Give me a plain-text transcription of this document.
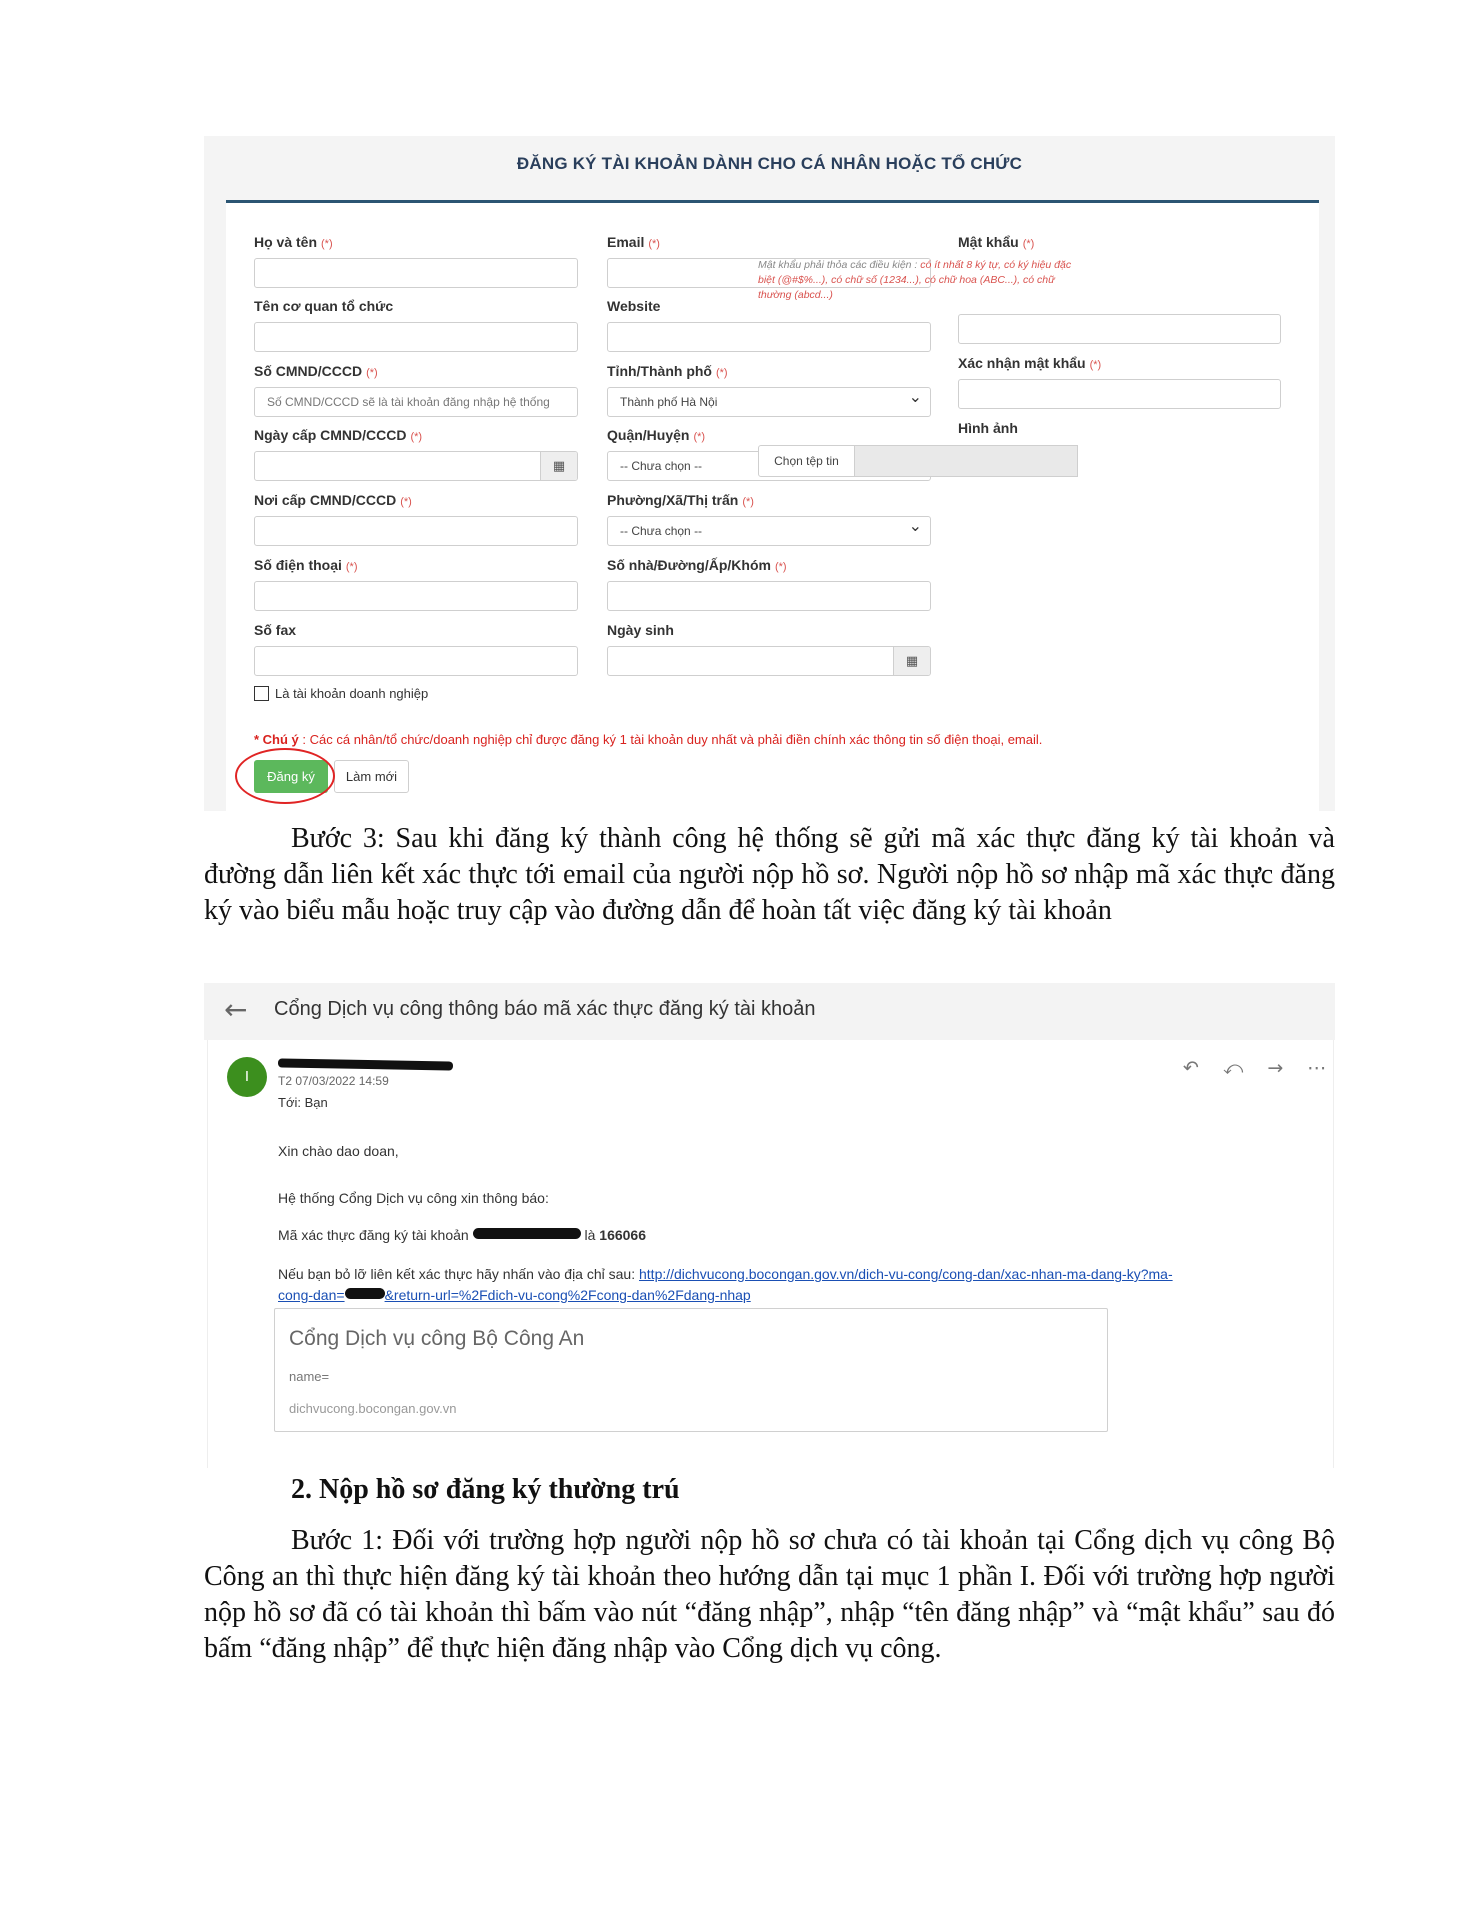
ĐĂNG KÝ TÀI KHOẢN DÀNH CHO CÁ NHÂN HOẶC TỔ CHỨC
Họ và tên (*)
Tên cơ quan tổ chức
Số CMND/CCCD (*)
Số CMND/CCCD sẽ là tài khoản đăng nhập hệ thống
Ngày cấp CMND/CCCD (*)
▦
Nơi cấp CMND/CCCD (*)
Số điện thoại (*)
Số fax
Email (*)
Website
Tỉnh/Thành phố (*)
Thành phố Hà Nội ⌄
Quận/Huyện (*)
-- Chưa chọn -- ⌄
Phường/Xã/Thị trấn (*)
-- Chưa chọn -- ⌄
Số nhà/Đường/Ấp/Khóm (*)
Ngày sinh
▦
Mật khẩu (*)
Mật khẩu phải thỏa các điều kiện : có ít nhất 8 ký tự, có ký hiệu đặc biệt (@#$%...), có chữ số (1234...), có chữ hoa (ABC...), có chữ thường (abcd...)
Xác nhận mật khẩu (*)
Hình ảnh
Chọn tệp tin
Là tài khoản doanh nghiệp
* Chú ý : Các cá nhân/tổ chức/doanh nghiệp chỉ được đăng ký 1 tài khoản duy nhất và phải điền chính xác thông tin số điện thoại, email.
Đăng ký	Làm mới
Bước 3: Sau khi đăng ký thành công hệ thống sẽ gửi mã xác thực đăng ký tài khoản và đường dẫn liên kết xác thực tới email của người nộp hồ sơ. Người nộp hồ sơ nhập mã xác thực đăng ký vào biểu mẫu hoặc truy cập vào đường dẫn để hoàn tất việc đăng ký tài khoản
← Cổng Dịch vụ công thông báo mã xác thực đăng ký tài khoản
I	↶ ⤺ → ⋯
T2 07/03/2022 14:59
Tới: Bạn
Xin chào dao doan,
Hệ thống Cổng Dịch vụ công xin thông báo:
Mã xác thực đăng ký tài khoản	là 166066
Nếu bạn bỏ lỡ liên kết xác thực hãy nhấn vào địa chỉ sau: http://dichvucong.bocongan.gov.vn/dich-vu-cong/cong-dan/xac-nhan-ma-dang-ky?ma-
cong-dan=	&return-url=%2Fdich-vu-cong%2Fcong-dan%2Fdang-nhap
Cổng Dịch vụ công Bộ Công An
name=
dichvucong.bocongan.gov.vn
2. Nộp hồ sơ đăng ký thường trú
Bước 1: Đối với trường hợp người nộp hồ sơ chưa có tài khoản tại Cổng dịch vụ công Bộ Công an thì thực hiện đăng ký tài khoản theo hướng dẫn tại mục 1 phần I. Đối với trường hợp người nộp hồ sơ đã có tài khoản thì bấm vào nút “đăng nhập”, nhập “tên đăng nhập” và “mật khẩu” sau đó bấm “đăng nhập” để thực hiện đăng nhập vào Cổng dịch vụ công.
